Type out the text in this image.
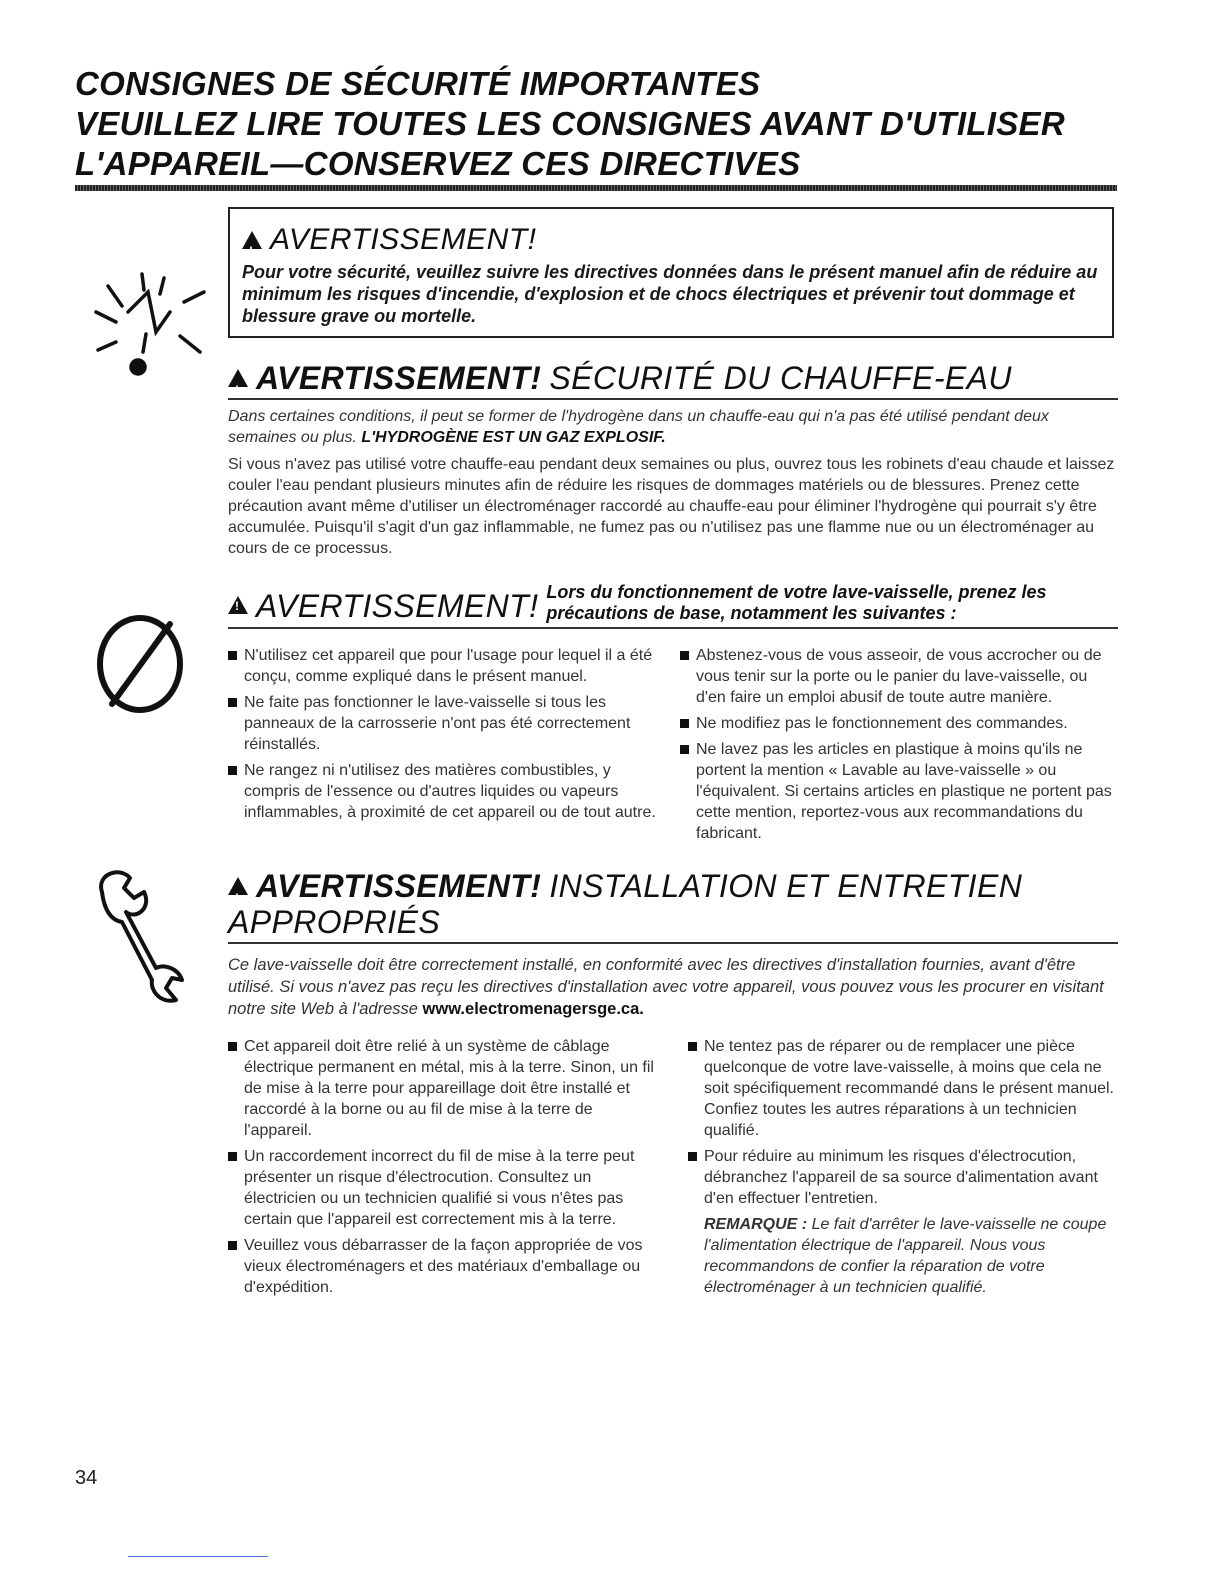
CONSIGNES DE SÉCURITÉ IMPORTANTES
VEUILLEZ LIRE TOUTES LES CONSIGNES AVANT D'UTILISER
L'APPAREIL—CONSERVEZ CES DIRECTIVES
!
AVERTISSEMENT!
Pour votre sécurité, veuillez suivre les directives données dans le présent manuel afin de réduire au minimum les risques d'incendie, d'explosion et de chocs électriques et prévenir tout dommage et blessure grave ou mortelle.
!
AVERTISSEMENT! SÉCURITÉ DU CHAUFFE-EAU
Dans certaines conditions, il peut se former de l'hydrogène dans un chauffe-eau qui n'a pas été utilisé pendant deux semaines ou plus. L'HYDROGÈNE EST UN GAZ EXPLOSIF.
Si vous n'avez pas utilisé votre chauffe-eau pendant deux semaines ou plus, ouvrez tous les robinets d'eau chaude et laissez couler l'eau pendant plusieurs minutes afin de réduire les risques de dommages matériels ou de blessures. Prenez cette précaution avant même d'utiliser un électroménager raccordé au chauffe-eau pour éliminer l'hydrogène qui pourrait s'y être accumulée. Puisqu'il s'agit d'un gaz inflammable, ne fumez pas ou n'utilisez pas une flamme nue ou un électroménager au cours de ce processus.
!
AVERTISSEMENT! Lors du fonctionnement de votre lave-vaisselle, prenez les
précautions de base, notamment les suivantes :
N'utilisez cet appareil que pour l'usage pour lequel il a été conçu, comme expliqué dans le présent manuel.
Ne faite pas fonctionner le lave-vaisselle si tous les panneaux de la carrosserie n'ont pas été correctement réinstallés.
Ne rangez ni n'utilisez des matières combustibles, y compris de l'essence ou d'autres liquides ou vapeurs inflammables, à proximité de cet appareil ou de tout autre.
Abstenez-vous de vous asseoir, de vous accrocher ou de vous tenir sur la porte ou le panier du lave-vaisselle, ou d'en faire un emploi abusif de toute autre manière.
Ne modifiez pas le fonctionnement des commandes.
Ne lavez pas les articles en plastique à moins qu'ils ne portent la mention « Lavable au lave-vaisselle » ou l'équivalent. Si certains articles en plastique ne portent pas cette mention, reportez-vous aux recommandations du fabricant.
!
AVERTISSEMENT! INSTALLATION ET ENTRETIEN
APPROPRIÉS
Ce lave-vaisselle doit être correctement installé, en conformité avec les directives d'installation fournies, avant d'être utilisé. Si vous n'avez pas reçu les directives d'installation avec votre appareil, vous pouvez vous les procurer en visitant notre site Web à l'adresse www.electromenagersge.ca.
Cet appareil doit être relié à un système de câblage électrique permanent en métal, mis à la terre. Sinon, un fil de mise à la terre pour appareillage doit être installé et raccordé à la borne ou au fil de mise à la terre de l'appareil.
Un raccordement incorrect du fil de mise à la terre peut présenter un risque d'électrocution. Consultez un électricien ou un technicien qualifié si vous n'êtes pas certain que l'appareil est correctement mis à la terre.
Veuillez vous débarrasser de la façon appropriée de vos vieux électroménagers et des matériaux d'emballage ou d'expédition.
Ne tentez pas de réparer ou de remplacer une pièce quelconque de votre lave-vaisselle, à moins que cela ne soit spécifiquement recommandé dans le présent manuel. Confiez toutes les autres réparations à un technicien qualifié.
Pour réduire au minimum les risques d'électrocution, débranchez l'appareil de sa source d'alimentation avant d'en effectuer l'entretien.
REMARQUE : Le fait d'arrêter le lave-vaisselle ne coupe l'alimentation électrique de l'appareil. Nous vous recommandons de confier la réparation de votre électroménager à un technicien qualifié.
34
